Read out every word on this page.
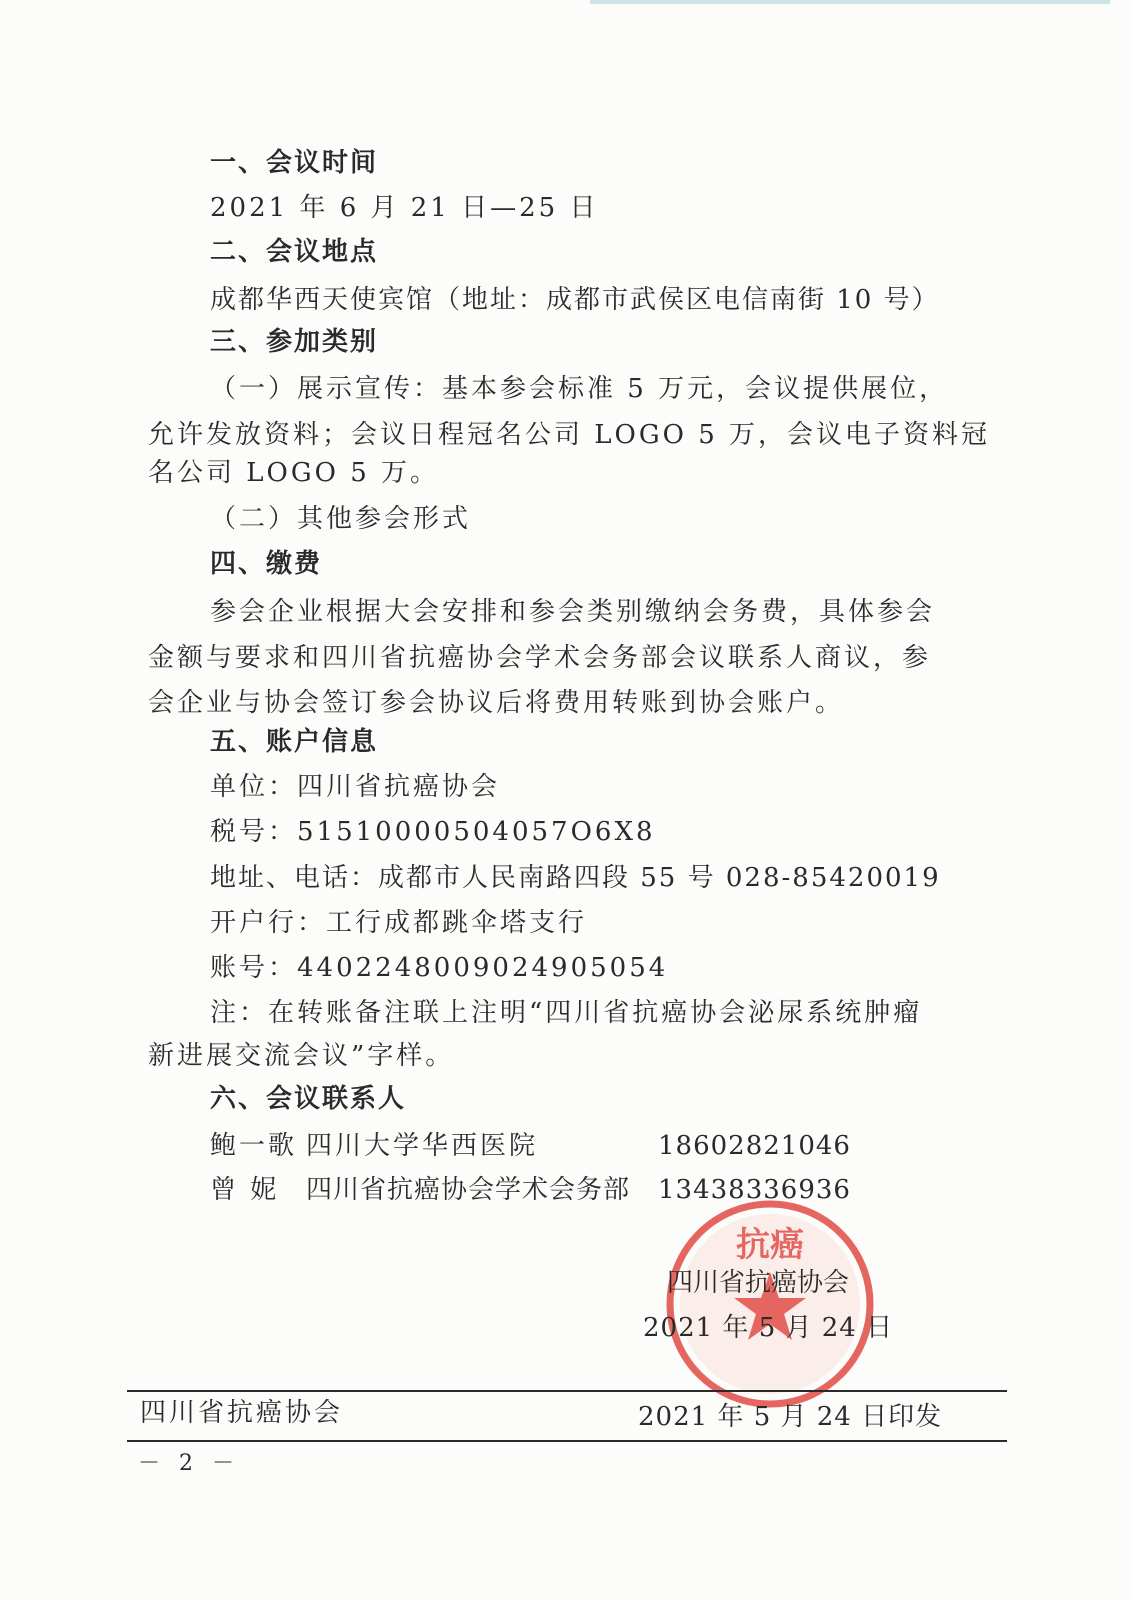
一、会议时间
2021 年 6 月 21 日—25 日
二、会议地点
成都华西天使宾馆（地址：成都市武侯区电信南街 10 号）
三、参加类别
（一）展示宣传：基本参会标准 5 万元，会议提供展位，
允许发放资料；会议日程冠名公司 LOGO 5 万，会议电子资料冠
名公司 LOGO 5 万。
（二）其他参会形式
四、缴费
参会企业根据大会安排和参会类别缴纳会务费，具体参会
金额与要求和四川省抗癌协会学术会务部会议联系人商议，参
会企业与协会签订参会协议后将费用转账到协会账户。
五、账户信息
单位：四川省抗癌协会
税号：51510000504057O6X8
地址、电话：成都市人民南路四段 55 号 028-85420019
开户行：工行成都跳伞塔支行
账号：4402248009024905054
注：在转账备注联上注明“四川省抗癌协会泌尿系统肿瘤
新进展交流会议”字样。
六、会议联系人
鲍一歌 四川大学华西医院	18602821046
曾 妮 四川省抗癌协会学术会务部 13438336936
抗癌
四川省抗癌协会
2021 年 5 月 24 日
四川省抗癌协会	2021 年 5 月 24 日印发
－ 2 －
